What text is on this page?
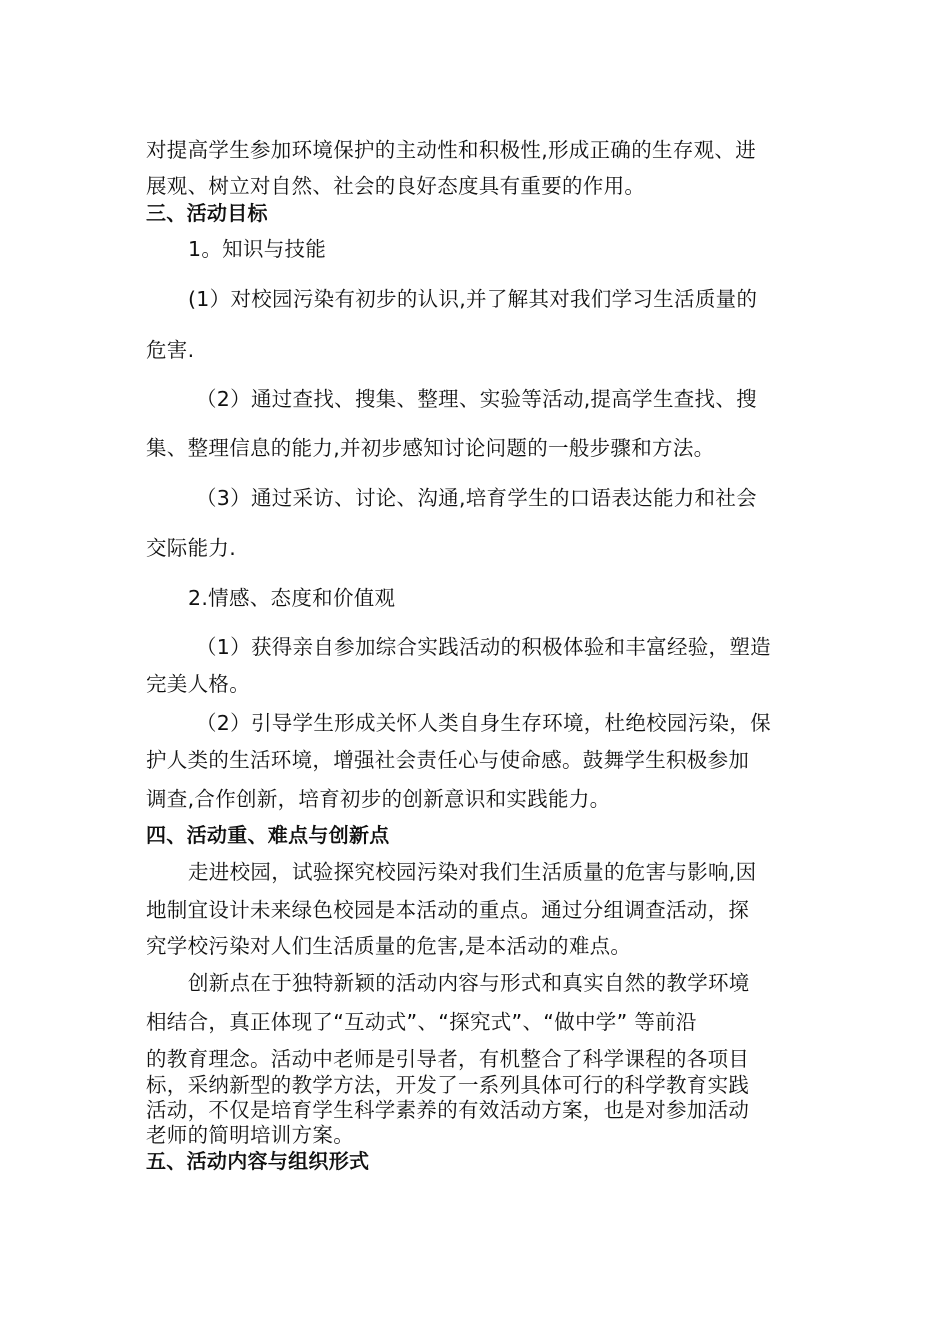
对提高学生参加环境保护的主动性和积极性,形成正确的生存观、进
展观、树立对自然、社会的良好态度具有重要的作用。
三、活动目标
1。知识与技能
(1）对校园污染有初步的认识,并了解其对我们学习生活质量的
危害.
（2）通过查找、搜集、整理、实验等活动,提高学生查找、搜
集、整理信息的能力,并初步感知讨论问题的一般步骤和方法。
（3）通过采访、讨论、沟通,培育学生的口语表达能力和社会
交际能力.
2.情感、态度和价值观
（1）获得亲自参加综合实践活动的积极体验和丰富经验，塑造
完美人格。
（2）引导学生形成关怀人类自身生存环境，杜绝校园污染，保
护人类的生活环境，增强社会责任心与使命感。鼓舞学生积极参加
调查,合作创新，培育初步的创新意识和实践能力。
四、活动重、难点与创新点
走进校园，试验探究校园污染对我们生活质量的危害与影响,因
地制宜设计未来绿色校园是本活动的重点。通过分组调查活动，探
究学校污染对人们生活质量的危害,是本活动的难点。
创新点在于独特新颖的活动内容与形式和真实自然的教学环境
相结合，真正体现了“互动式”、“探究式”、“做中学” 等前沿
的教育理念。活动中老师是引导者，有机整合了科学课程的各项目
标，采纳新型的教学方法，开发了一系列具体可行的科学教育实践
活动，不仅是培育学生科学素养的有效活动方案，也是对参加活动
老师的简明培训方案。
五、活动内容与组织形式
